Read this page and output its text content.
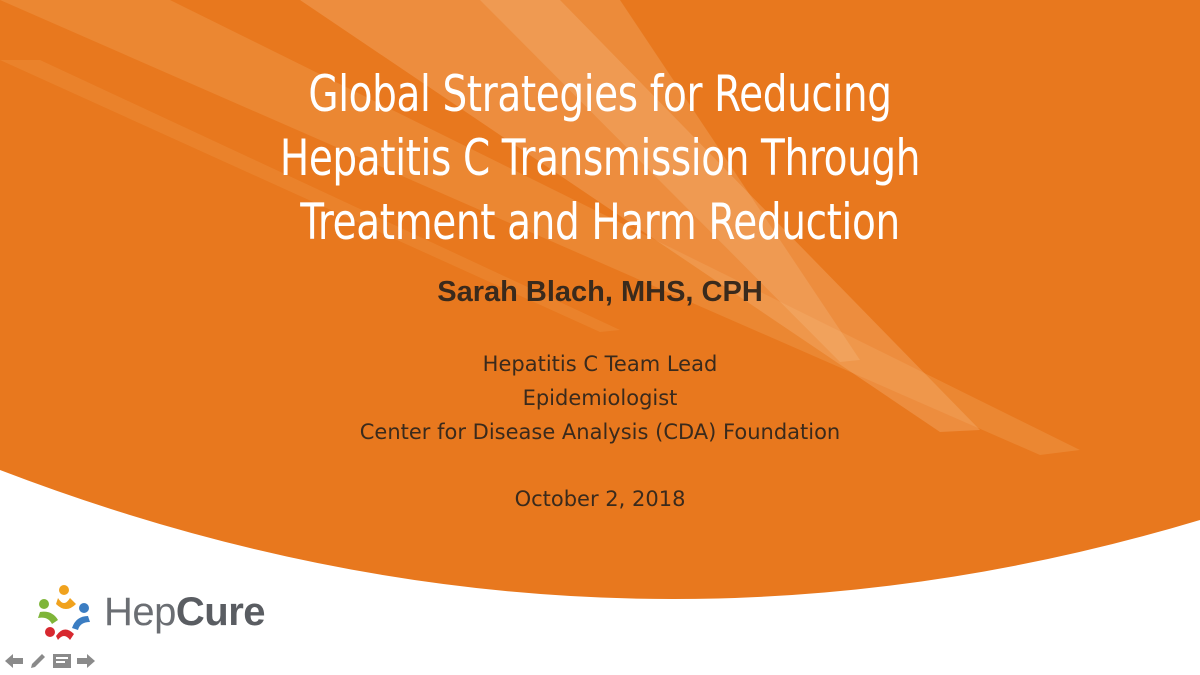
Global Strategies for Reducing Hepatitis C Transmission Through Treatment and Harm Reduction
Sarah Blach, MHS, CPH
Hepatitis C Team Lead
Epidemiologist
Center for Disease Analysis (CDA) Foundation
October 2, 2018
HepCure
